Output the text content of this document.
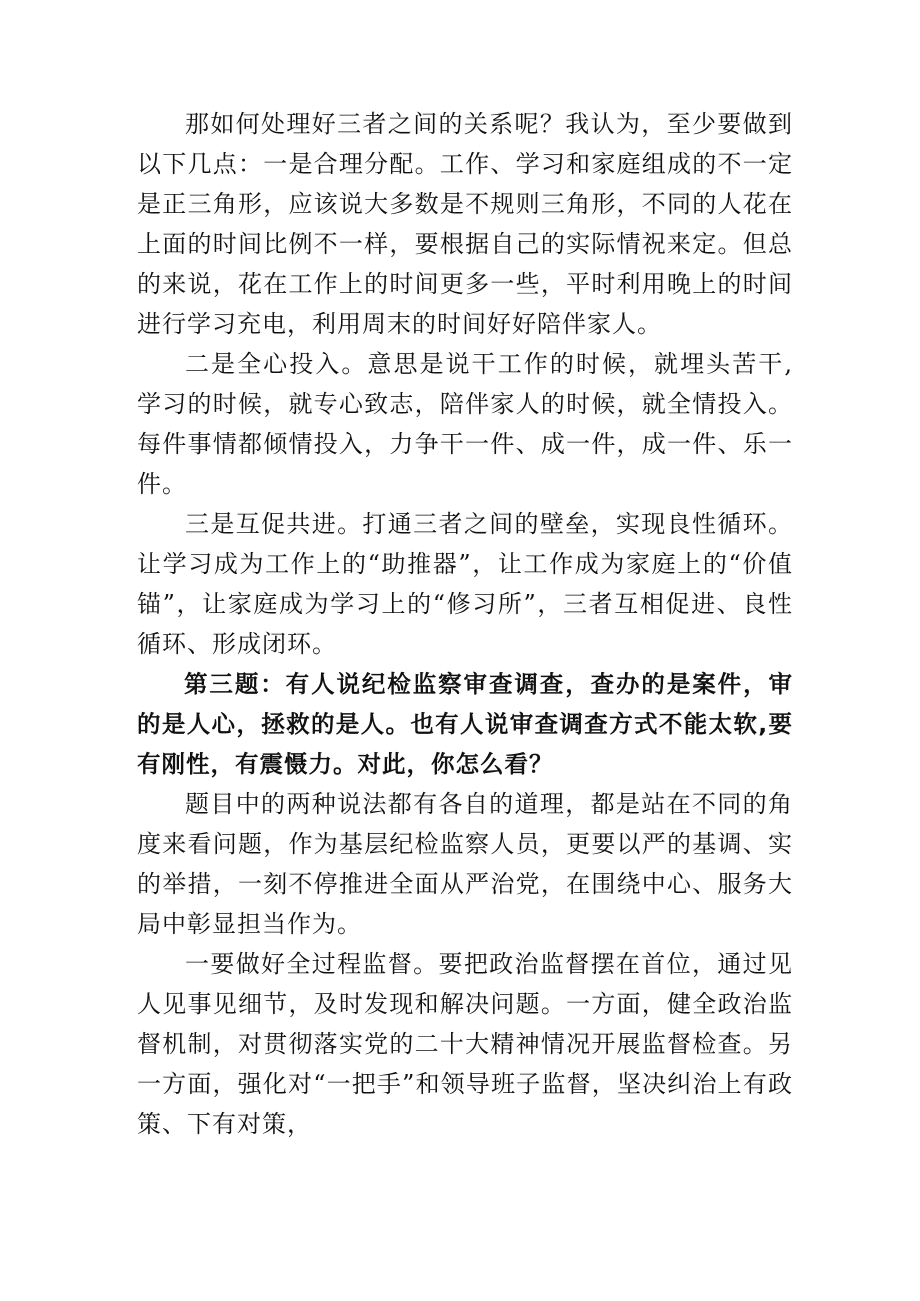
那如何处理好三者之间的关系呢？我认为，至少要做到以下几点：一是合理分配。工作、学习和家庭组成的不一定是正三角形，应该说大多数是不规则三角形，不同的人花在上面的时间比例不一样，要根据自己的实际情祝来定。但总的来说，花在工作上的时间更多一些，平时利用晚上的时间进行学习充电，利用周末的时间好好陪伴家人。

二是全心投入。意思是说干工作的时候，就埋头苦干,学习的时候，就专心致志，陪伴家人的时候，就全情投入。每件事情都倾情投入，力争干一件、成一件，成一件、乐一件。

三是互促共进。打通三者之间的壁垒，实现良性循环。让学习成为工作上的“助推器”，让工作成为家庭上的“价值锚”，让家庭成为学习上的“修习所”，三者互相促进、良性循环、形成闭环。

第三题：有人说纪检监察审查调查，查办的是案件，审的是人心，拯救的是人。也有人说审查调查方式不能太软,要有刚性，有震慑力。对此，你怎么看？

题目中的两种说法都有各自的道理，都是站在不同的角度来看问题，作为基层纪检监察人员，更要以严的基调、实的举措，一刻不停推进全面从严治党，在围绕中心、服务大局中彰显担当作为。

一要做好全过程监督。要把政治监督摆在首位，通过见人见事见细节，及时发现和解决问题。一方面，健全政治监督机制，对贯彻落实党的二十大精神情况开展监督检查。另一方面，强化对“一把手”和领导班子监督，坚决纠治上有政策、下有对策，
